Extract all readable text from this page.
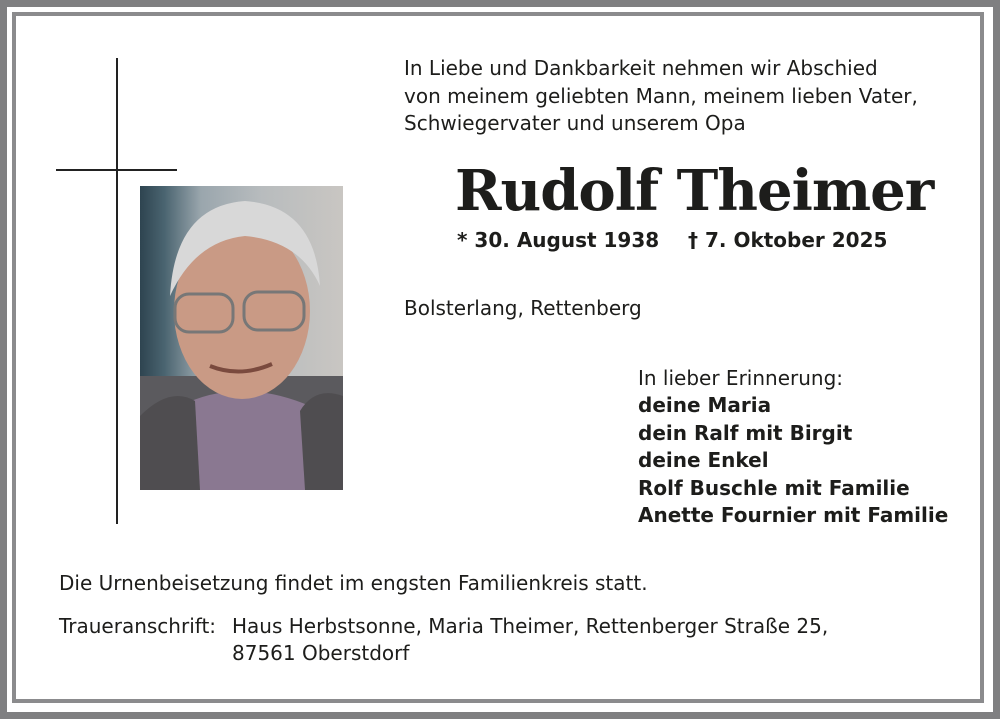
In Liebe und Dankbarkeit nehmen wir Abschied
von meinem geliebten Mann, meinem lieben Vater,
Schwiegervater und unserem Opa
Rudolf Theimer
* 30. August 1938 † 7. Oktober 2025
Bolsterlang, Rettenberg
In lieber Erinnerung:
deine Maria
dein Ralf mit Birgit
deine Enkel
Rolf Buschle mit Familie
Anette Fournier mit Familie
Die Urnenbeisetzung findet im engsten Familienkreis statt.
Traueranschrift: Haus Herbstsonne, Maria Theimer, Rettenberger Straße 25,
87561 Oberstdorf
